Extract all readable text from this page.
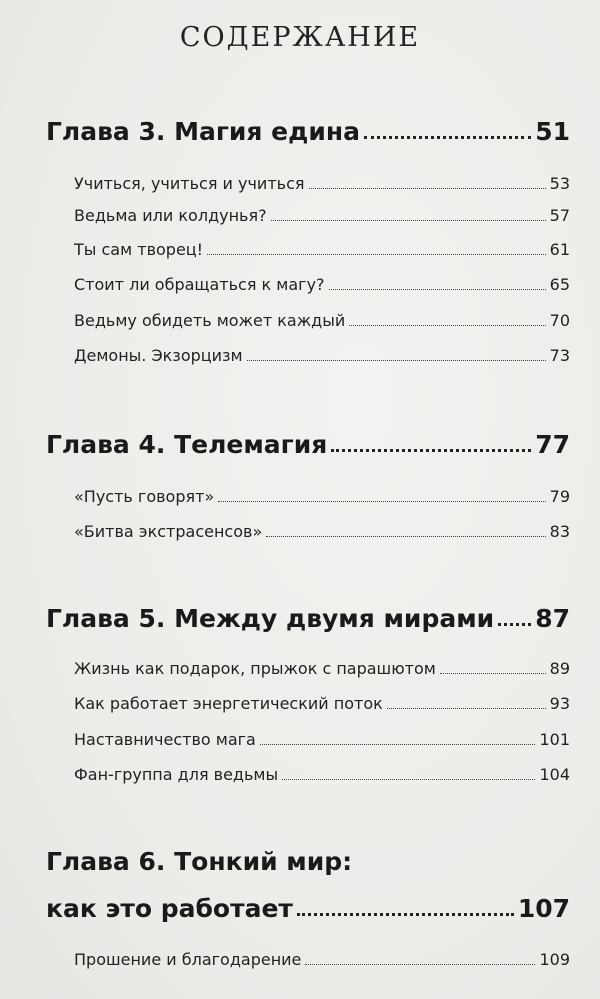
СОДЕРЖАНИЕ
Глава 3. Магия едина	51
Учиться, учиться и учиться	53
Ведьма или колдунья?	57
Ты сам творец!	61
Стоит ли обращаться к магу?	65
Ведьму обидеть может каждый	70
Демоны. Экзорцизм	73
Глава 4. Телемагия	77
«Пусть говорят»	79
«Битва экстрасенсов»	83
Глава 5. Между двумя мирами 87
Жизнь как подарок, прыжок с парашютом	89
Как работает энергетический поток	93
Наставничество мага	101
Фан-группа для ведьмы	104
Глава 6. Тонкий мир:
как это работает	107
Прошение и благодарение	109
